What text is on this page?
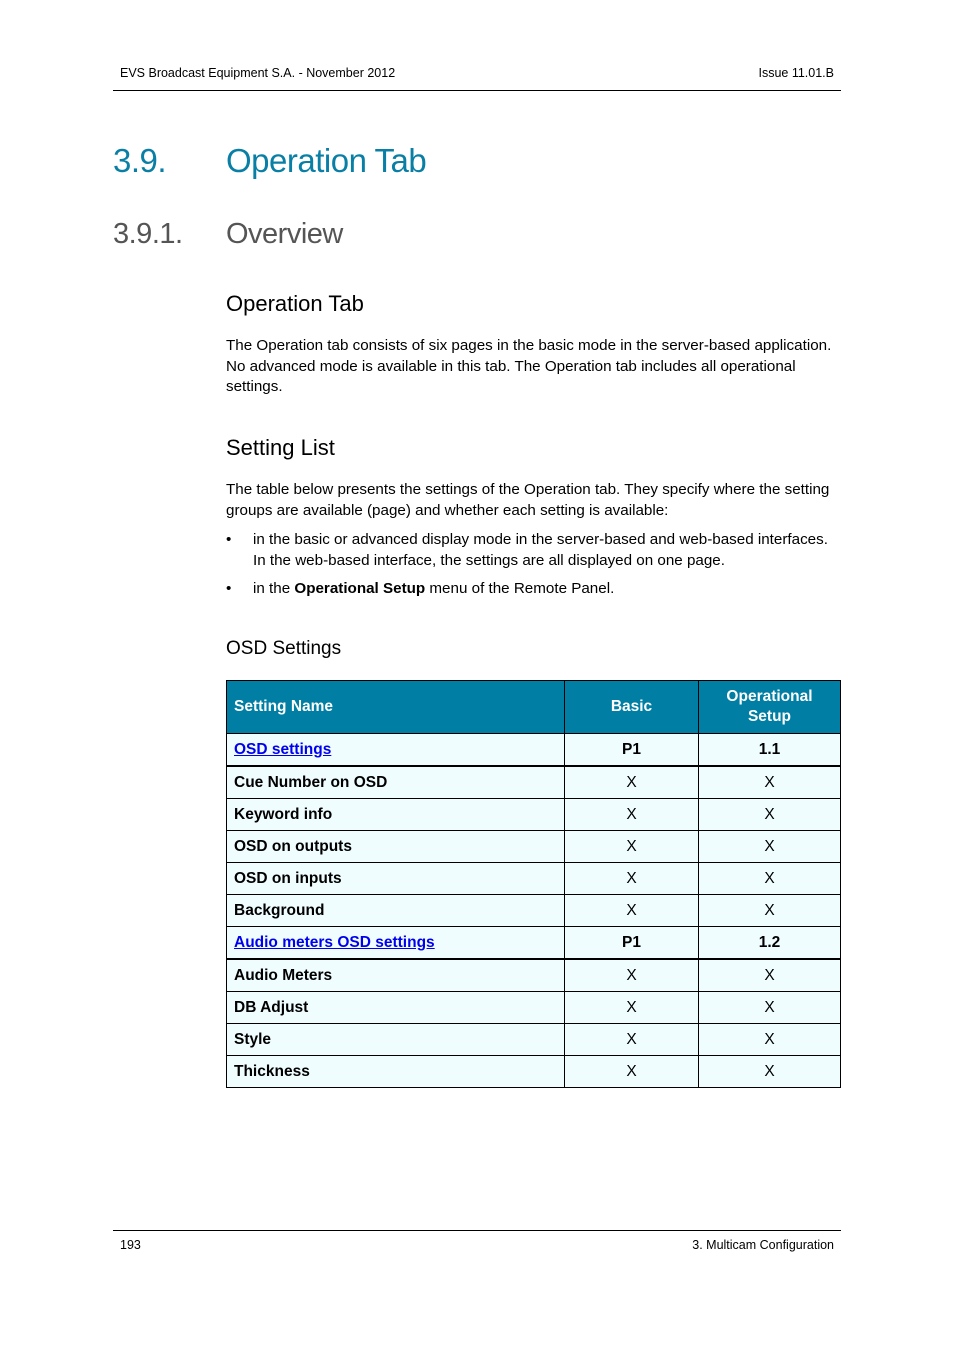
EVS Broadcast Equipment S.A. - November 2012	Issue 11.01.B
3.9. Operation Tab
3.9.1. Overview
Operation Tab
The Operation tab consists of six pages in the basic mode in the server-based application.
No advanced mode is available in this tab. The Operation tab includes all operational
settings.
Setting List
The table below presents the settings of the Operation tab. They specify where the setting
groups are available (page) and whether each setting is available:
• in the basic or advanced display mode in the server-based and web-based interfaces.
In the web-based interface, the settings are all displayed on one page.
• in the Operational Setup menu of the Remote Panel.
OSD Settings
Setting Name	Basic	Operational
Setup
OSD settings	P1	1.1
Cue Number on OSD	X	X
Keyword info	X	X
OSD on outputs	X	X
OSD on inputs	X	X
Background	X	X
Audio meters OSD settings	P1	1.2
Audio Meters	X	X
DB Adjust	X	X
Style	X	X
Thickness	X	X
193	3. Multicam Configuration
